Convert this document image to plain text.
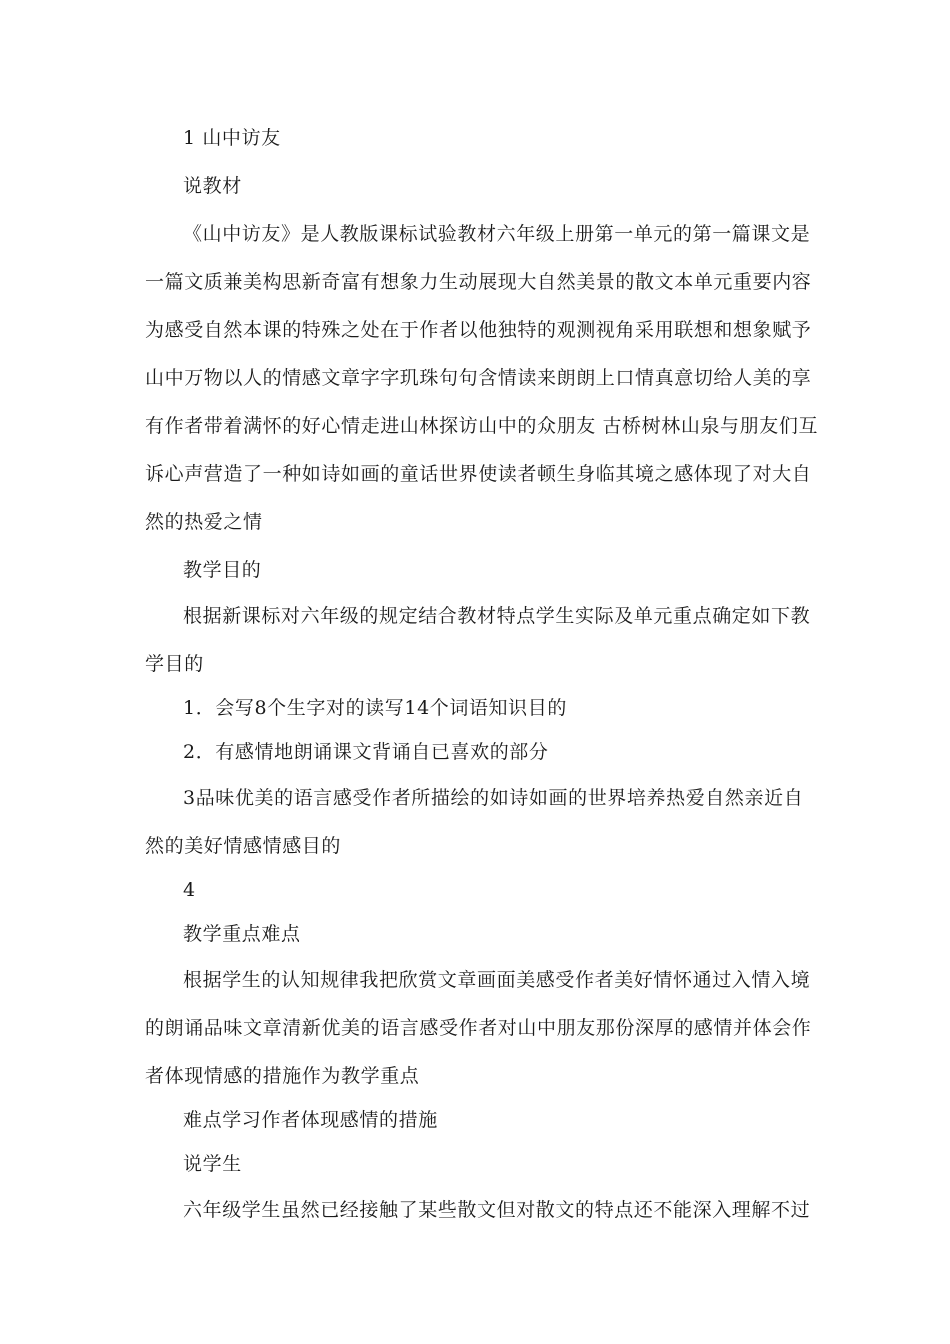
1 山中访友
说教材
《山中访友》是人教版课标试验教材六年级上册第一单元的第一篇课文是
一篇文质兼美构思新奇富有想象力生动展现大自然美景的散文本单元重要内容
为感受自然本课的特殊之处在于作者以他独特的观测视角采用联想和想象赋予
山中万物以人的情感文章字字玑珠句句含情读来朗朗上口情真意切给人美的享
有作者带着满怀的好心情走进山林探访山中的众朋友 古桥树林山泉与朋友们互
诉心声营造了一种如诗如画的童话世界使读者顿生身临其境之感体现了对大自
然的热爱之情
教学目的
根据新课标对六年级的规定结合教材特点学生实际及单元重点确定如下教
学目的
1．会写8个生字对的读写14个词语知识目的
2．有感情地朗诵课文背诵自已喜欢的部分
3品味优美的语言感受作者所描绘的如诗如画的世界培养热爱自然亲近自
然的美好情感情感目的
4
教学重点难点
根据学生的认知规律我把欣赏文章画面美感受作者美好情怀通过入情入境
的朗诵品味文章清新优美的语言感受作者对山中朋友那份深厚的感情并体会作
者体现情感的措施作为教学重点
难点学习作者体现感情的措施
说学生
六年级学生虽然已经接触了某些散文但对散文的特点还不能深入理解不过
